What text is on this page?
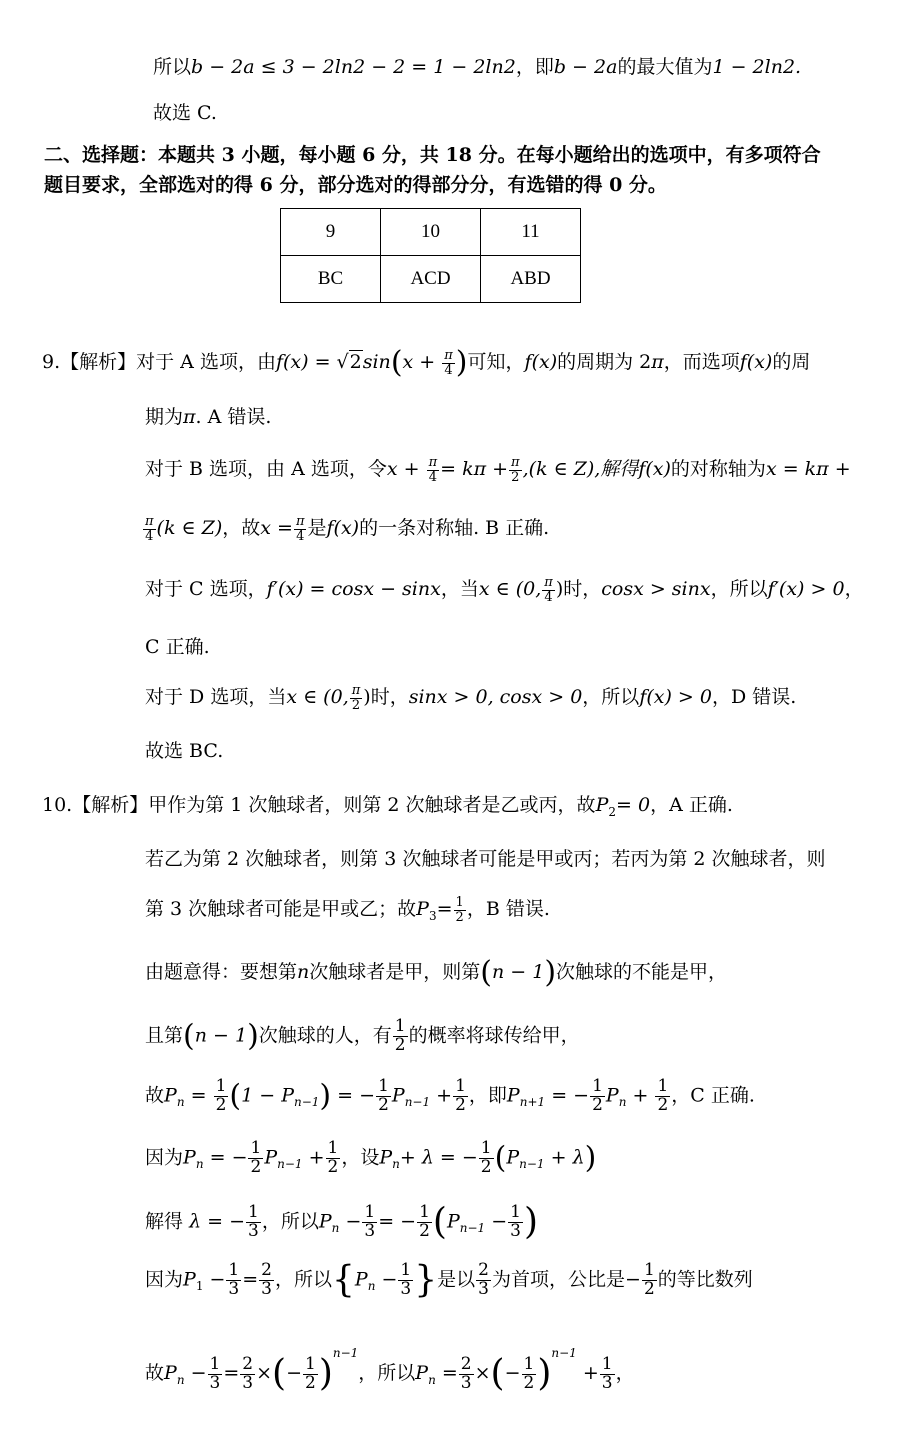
所以b − 2a ≤ 3 − 2ln2 − 2 = 1 − 2ln2，即b − 2a的最大值为1 − 2ln2.
故选 C.
二、选择题：本题共 3 小题，每小题 6 分，共 18 分。在每小题给出的选项中，有多项符合
题目要求，全部选对的得 6 分，部分选对的得部分分，有选错的得 0 分。
9	10	11
BC	ACD	ABD
9.【解析】对于 A 选项，由$f(x) = √2\sin(x + \frac{\pi}{4}$ )可知，f(x)的周期为 2π，而选项f(x)的周
期为π. A 错误.
对于 B 选项，由 A 选项，令$x + \frac{\pi}{4} = k\pi + \frac{\pi}{2} ,(k$ ∈ Z),解得f(x)的对称轴为x = kπ +
$\frac{\pi}{4} (k$ ∈ Z)，故$x = \frac{\pi}{4}$ 是f(x)的一条对称轴. B 正确.
对于 C 选项，f′(x) = cosx − sinx，当x ∈ (0, $\frac{\pi}{4}$ )时，cosx > sinx，所以f′(x) > 0，
C 正确.
对于 D 选项，当x ∈ (0, $\frac{\pi}{2}$ )时，sinx > 0, cosx > 0，所以f(x) > 0，D 错误.
故选 BC.
10.【解析】甲作为第 1 次触球者，则第 2 次触球者是乙或丙，故$P_2= 0$，A 正确.
若乙为第 2 次触球者，则第 3 次触球者可能是甲或丙；若丙为第 2 次触球者，则
第 3 次触球者可能是甲或乙；故$P_3= \frac{1}{2}$ ，B 错误.
由题意得：要想第n次触球者是甲，则第(n − 1)次触球的不能是甲，
且第(n − 1)次触球的人，有 $\frac{1}{2}$ 的概率将球传给甲，
故$P_n = \frac{1}{2} (1 - P_{n-1})$ = − $\frac{1}{2} P_{n-1} + \frac{1}{2}$ ，即$P_{n+1}$ = − $\frac{1}{2} P_n + \frac{1}{2}$ ，C 正确.
因为$P_n$ = − $\frac{1}{2} P_{n-1} + \frac{1}{2}$ ，设$P_n+ \lambda$ = − $\frac{1}{2} (P_{n-1} + \lambda)$
解得 λ = − $\frac{1}{3}$ ，所以$P_n - \frac{1}{3}$ = − $\frac{1}{2} (P_{n-1} - \frac{1}{3}$ )
因为$P_1 - \frac{1}{3} = \frac{2}{3}$ ，所以{$P_n - \frac{1}{3}$ }是以 $\frac{2}{3}$ 为首项，公比是− $\frac{1}{2}$ 的等比数列
故$P_n - \frac{1}{3} = \frac{2}{3}$ ×(− $\frac{1}{2} )^{n-1}$，所以$P_n = \frac{2}{3}$ ×(− $\frac{1}{2} )^{n-1} + \frac{1}{3}$ ，
